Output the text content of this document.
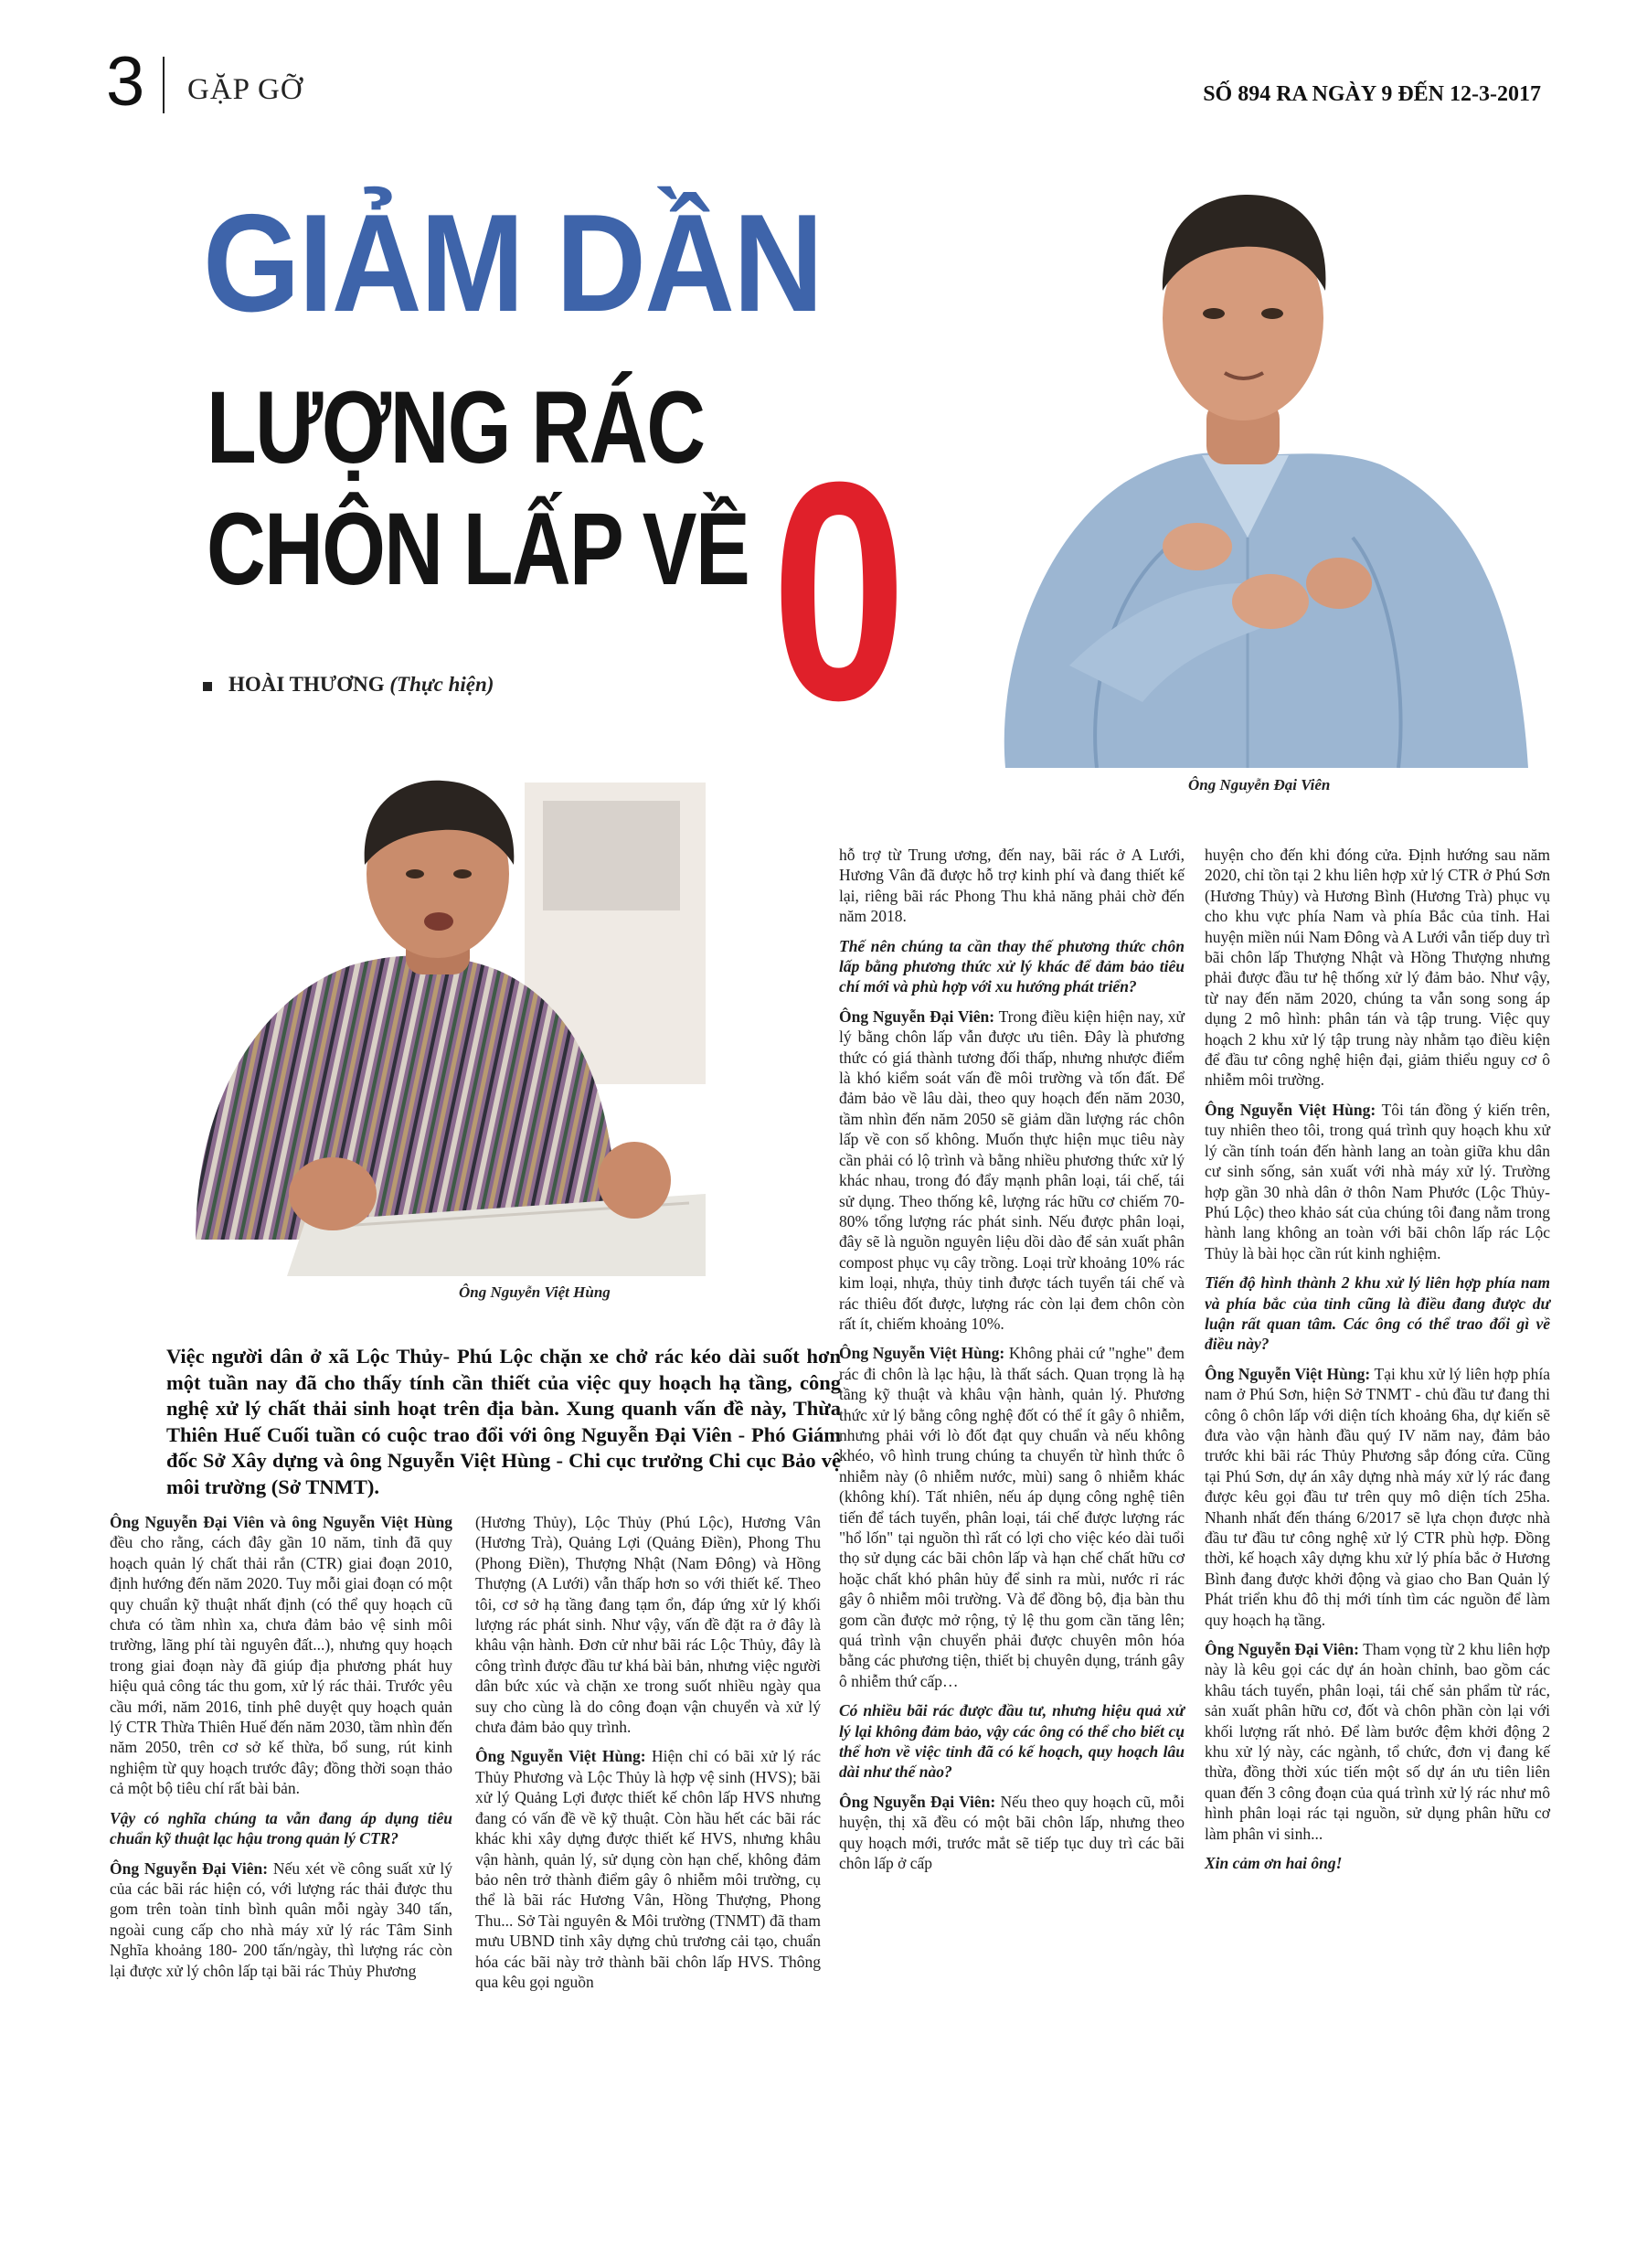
3 GẶP GỠ	SỐ 894 RA NGÀY 9 ĐẾN 12-3-2017
GIẢM DẦN
LƯỢNG RÁC
CHÔN LẤP VỀ 0
HOÀI THƯƠNG (Thực hiện)
Ông Nguyễn Đại Viên
Ông Nguyễn Việt Hùng
Việc người dân ở xã Lộc Thủy- Phú Lộc chặn xe chở rác kéo dài suốt hơn một tuần nay đã cho thấy tính cần thiết của việc quy hoạch hạ tầng, công nghệ xử lý chất thải sinh hoạt trên địa bàn. Xung quanh vấn đề này, Thừa Thiên Huế Cuối tuần có cuộc trao đổi với ông Nguyễn Đại Viên - Phó Giám đốc Sở Xây dựng và ông Nguyễn Việt Hùng - Chi cục trưởng Chi cục Bảo vệ môi trường (Sở TNMT).

Ông Nguyễn Đại Viên và ông Nguyễn Việt Hùng đều cho rằng, cách đây gần 10 năm, tỉnh đã quy hoạch quản lý chất thải rắn (CTR) giai đoạn 2010, định hướng đến năm 2020. Tuy mỗi giai đoạn có một quy chuẩn kỹ thuật nhất định (có thể quy hoạch cũ chưa có tầm nhìn xa, chưa đảm bảo vệ sinh môi trường, lãng phí tài nguyên đất...), nhưng quy hoạch trong giai đoạn này đã giúp địa phương phát huy hiệu quả công tác thu gom, xử lý rác thải. Trước yêu cầu mới, năm 2016, tỉnh phê duyệt quy hoạch quản lý CTR Thừa Thiên Huế đến năm 2030, tầm nhìn đến năm 2050, trên cơ sở kế thừa, bổ sung, rút kinh nghiệm từ quy hoạch trước đây; đồng thời soạn thảo cả một bộ tiêu chí rất bài bản.

Vậy có nghĩa chúng ta vẫn đang áp dụng tiêu chuẩn kỹ thuật lạc hậu trong quản lý CTR?

Ông Nguyễn Đại Viên: Nếu xét về công suất xử lý của các bãi rác hiện có, với lượng rác thải được thu gom trên toàn tỉnh bình quân mỗi ngày 340 tấn, ngoài cung cấp cho nhà máy xử lý rác Tâm Sinh Nghĩa khoảng 180- 200 tấn/ngày, thì lượng rác còn lại được xử lý chôn lấp tại bãi rác Thủy Phương

(Hương Thủy), Lộc Thủy (Phú Lộc), Hương Vân (Hương Trà), Quảng Lợi (Quảng Điền), Phong Thu (Phong Điền), Thượng Nhật (Nam Đông) và Hồng Thượng (A Lưới) vẫn thấp hơn so với thiết kế. Theo tôi, cơ sở hạ tầng đang tạm ổn, đáp ứng xử lý khối lượng rác phát sinh. Như vậy, vấn đề đặt ra ở đây là khâu vận hành. Đơn cử như bãi rác Lộc Thủy, đây là công trình được đầu tư khá bài bản, nhưng việc người dân bức xúc và chặn xe trong suốt nhiều ngày qua suy cho cùng là do công đoạn vận chuyển và xử lý chưa đảm bảo quy trình.

Ông Nguyễn Việt Hùng: Hiện chỉ có bãi xử lý rác Thủy Phương và Lộc Thủy là hợp vệ sinh (HVS); bãi xử lý Quảng Lợi được thiết kế chôn lấp HVS nhưng đang có vấn đề về kỹ thuật. Còn hầu hết các bãi rác khác khi xây dựng được thiết kế HVS, nhưng khâu vận hành, quản lý, sử dụng còn hạn chế, không đảm bảo nên trở thành điểm gây ô nhiễm môi trường, cụ thể là bãi rác Hương Vân, Hồng Thượng, Phong Thu... Sở Tài nguyên & Môi trường (TNMT) đã tham mưu UBND tỉnh xây dựng chủ trương cải tạo, chuẩn hóa các bãi này trở thành bãi chôn lấp HVS. Thông qua kêu gọi nguồn

hỗ trợ từ Trung ương, đến nay, bãi rác ở A Lưới, Hương Vân đã được hỗ trợ kinh phí và đang thiết kế lại, riêng bãi rác Phong Thu khả năng phải chờ đến năm 2018.

Thế nên chúng ta cần thay thế phương thức chôn lấp bằng phương thức xử lý khác để đảm bảo tiêu chí mới và phù hợp với xu hướng phát triển?

Ông Nguyễn Đại Viên: Trong điều kiện hiện nay, xử lý bằng chôn lấp vẫn được ưu tiên. Đây là phương thức có giá thành tương đối thấp, nhưng nhược điểm là khó kiểm soát vấn đề môi trường và tốn đất. Để đảm bảo về lâu dài, theo quy hoạch đến năm 2030, tầm nhìn đến năm 2050 sẽ giảm dần lượng rác chôn lấp về con số không. Muốn thực hiện mục tiêu này cần phải có lộ trình và bằng nhiều phương thức xử lý khác nhau, trong đó đẩy mạnh phân loại, tái chế, tái sử dụng. Theo thống kê, lượng rác hữu cơ chiếm 70- 80% tổng lượng rác phát sinh. Nếu được phân loại, đây sẽ là nguồn nguyên liệu dồi dào để sản xuất phân compost phục vụ cây trồng. Loại trừ khoảng 10% rác kim loại, nhựa, thủy tinh được tách tuyển tái chế và rác thiêu đốt được, lượng rác còn lại đem chôn còn rất ít, chiếm khoảng 10%.

Ông Nguyễn Việt Hùng: Không phải cứ "nghe" đem rác đi chôn là lạc hậu, là thất sách. Quan trọng là hạ tầng kỹ thuật và khâu vận hành, quản lý. Phương thức xử lý bằng công nghệ đốt có thể ít gây ô nhiễm, nhưng phải với lò đốt đạt quy chuẩn và nếu không khéo, vô hình trung chúng ta chuyển từ hình thức ô nhiễm này (ô nhiễm nước, mùi) sang ô nhiễm khác (không khí). Tất nhiên, nếu áp dụng công nghệ tiên tiến để tách tuyển, phân loại, tái chế được lượng rác "hổ lốn" tại nguồn thì rất có lợi cho việc kéo dài tuổi thọ sử dụng các bãi chôn lấp và hạn chế chất hữu cơ hoặc chất khó phân hủy để sinh ra mùi, nước rỉ rác gây ô nhiễm môi trường. Và để đồng bộ, địa bàn thu gom cần được mở rộng, tỷ lệ thu gom cần tăng lên; quá trình vận chuyển phải được chuyên môn hóa bằng các phương tiện, thiết bị chuyên dụng, tránh gây ô nhiễm thứ cấp…

Có nhiều bãi rác được đầu tư, nhưng hiệu quả xử lý lại không đảm bảo, vậy các ông có thể cho biết cụ thể hơn về việc tỉnh đã có kế hoạch, quy hoạch lâu dài như thế nào?

Ông Nguyễn Đại Viên: Nếu theo quy hoạch cũ, mỗi huyện, thị xã đều có một bãi chôn lấp, nhưng theo quy hoạch mới, trước mắt sẽ tiếp tục duy trì các bãi chôn lấp ở cấp

huyện cho đến khi đóng cửa. Định hướng sau năm 2020, chỉ tồn tại 2 khu liên hợp xử lý CTR ở Phú Sơn (Hương Thủy) và Hương Bình (Hương Trà) phục vụ cho khu vực phía Nam và phía Bắc của tỉnh. Hai huyện miền núi Nam Đông và A Lưới vẫn tiếp duy trì bãi chôn lấp Thượng Nhật và Hồng Thượng nhưng phải được đầu tư hệ thống xử lý đảm bảo. Như vậy, từ nay đến năm 2020, chúng ta vẫn song song áp dụng 2 mô hình: phân tán và tập trung. Việc quy hoạch 2 khu xử lý tập trung này nhằm tạo điều kiện để đầu tư công nghệ hiện đại, giảm thiểu nguy cơ ô nhiễm môi trường.

Ông Nguyễn Việt Hùng: Tôi tán đồng ý kiến trên, tuy nhiên theo tôi, trong quá trình quy hoạch khu xử lý cần tính toán đến hành lang an toàn giữa khu dân cư sinh sống, sản xuất với nhà máy xử lý. Trường hợp gần 30 nhà dân ở thôn Nam Phước (Lộc Thủy- Phú Lộc) theo khảo sát của chúng tôi đang nằm trong hành lang không an toàn với bãi chôn lấp rác Lộc Thủy là bài học cần rút kinh nghiệm.

Tiến độ hình thành 2 khu xử lý liên hợp phía nam và phía bắc của tỉnh cũng là điều đang được dư luận rất quan tâm. Các ông có thể trao đổi gì về điều này?

Ông Nguyễn Việt Hùng: Tại khu xử lý liên hợp phía nam ở Phú Sơn, hiện Sở TNMT - chủ đầu tư đang thi công ô chôn lấp với diện tích khoảng 6ha, dự kiến sẽ đưa vào vận hành đầu quý IV năm nay, đảm bảo trước khi bãi rác Thủy Phương sắp đóng cửa. Cũng tại Phú Sơn, dự án xây dựng nhà máy xử lý rác đang được kêu gọi đầu tư trên quy mô diện tích 25ha. Nhanh nhất đến tháng 6/2017 sẽ lựa chọn được nhà đầu tư đầu tư công nghệ xử lý CTR phù hợp. Đồng thời, kế hoạch xây dựng khu xử lý phía bắc ở Hương Bình đang được khởi động và giao cho Ban Quản lý Phát triển khu đô thị mới tính tìm các nguồn để làm quy hoạch hạ tầng.

Ông Nguyễn Đại Viên: Tham vọng từ 2 khu liên hợp này là kêu gọi các dự án hoàn chỉnh, bao gồm các khâu tách tuyển, phân loại, tái chế sản phẩm từ rác, sản xuất phân hữu cơ, đốt và chôn phần còn lại với khối lượng rất nhỏ. Để làm bước đệm khởi động 2 khu xử lý này, các ngành, tổ chức, đơn vị đang kế thừa, đồng thời xúc tiến một số dự án ưu tiên liên quan đến 3 công đoạn của quá trình xử lý rác như mô hình phân loại rác tại nguồn, sử dụng phân hữu cơ làm phân vi sinh...

Xin cảm ơn hai ông!
